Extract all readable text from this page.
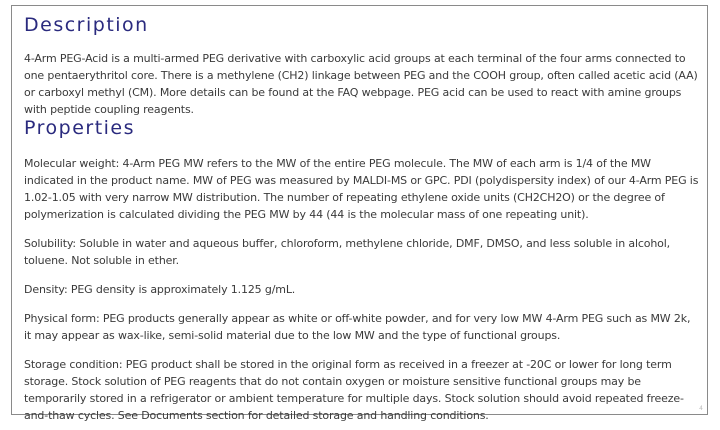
Description

4-Arm PEG-Acid is a multi-armed PEG derivative with carboxylic acid groups at each terminal of the four arms connected to one pentaerythritol core. There is a methylene (CH2) linkage between PEG and the COOH group, often called acetic acid (AA) or carboxyl methyl (CM). More details can be found at the FAQ webpage. PEG acid can be used to react with amine groups with peptide coupling reagents.

Properties

Molecular weight: 4-Arm PEG MW refers to the MW of the entire PEG molecule. The MW of each arm is 1/4 of the MW indicated in the product name. MW of PEG was measured by MALDI-MS or GPC. PDI (polydispersity index) of our 4-Arm PEG is 1.02-1.05 with very narrow MW distribution. The number of repeating ethylene oxide units (CH2CH2O) or the degree of polymerization is calculated dividing the PEG MW by 44 (44 is the molecular mass of one repeating unit).

Solubility: Soluble in water and aqueous buffer, chloroform, methylene chloride, DMF, DMSO, and less soluble in alcohol, toluene. Not soluble in ether.

Density: PEG density is approximately 1.125 g/mL.

Physical form: PEG products generally appear as white or off-white powder, and for very low MW 4-Arm PEG such as MW 2k, it may appear as wax-like, semi-solid material due to the low MW and the type of functional groups.

Storage condition: PEG product shall be stored in the original form as received in a freezer at -20C or lower for long term storage. Stock solution of PEG reagents that do not contain oxygen or moisture sensitive functional groups may be temporarily stored in a refrigerator or ambient temperature for multiple days. Stock solution should avoid repeated freeze-and-thaw cycles. See Documents section for detailed storage and handling conditions.

4
